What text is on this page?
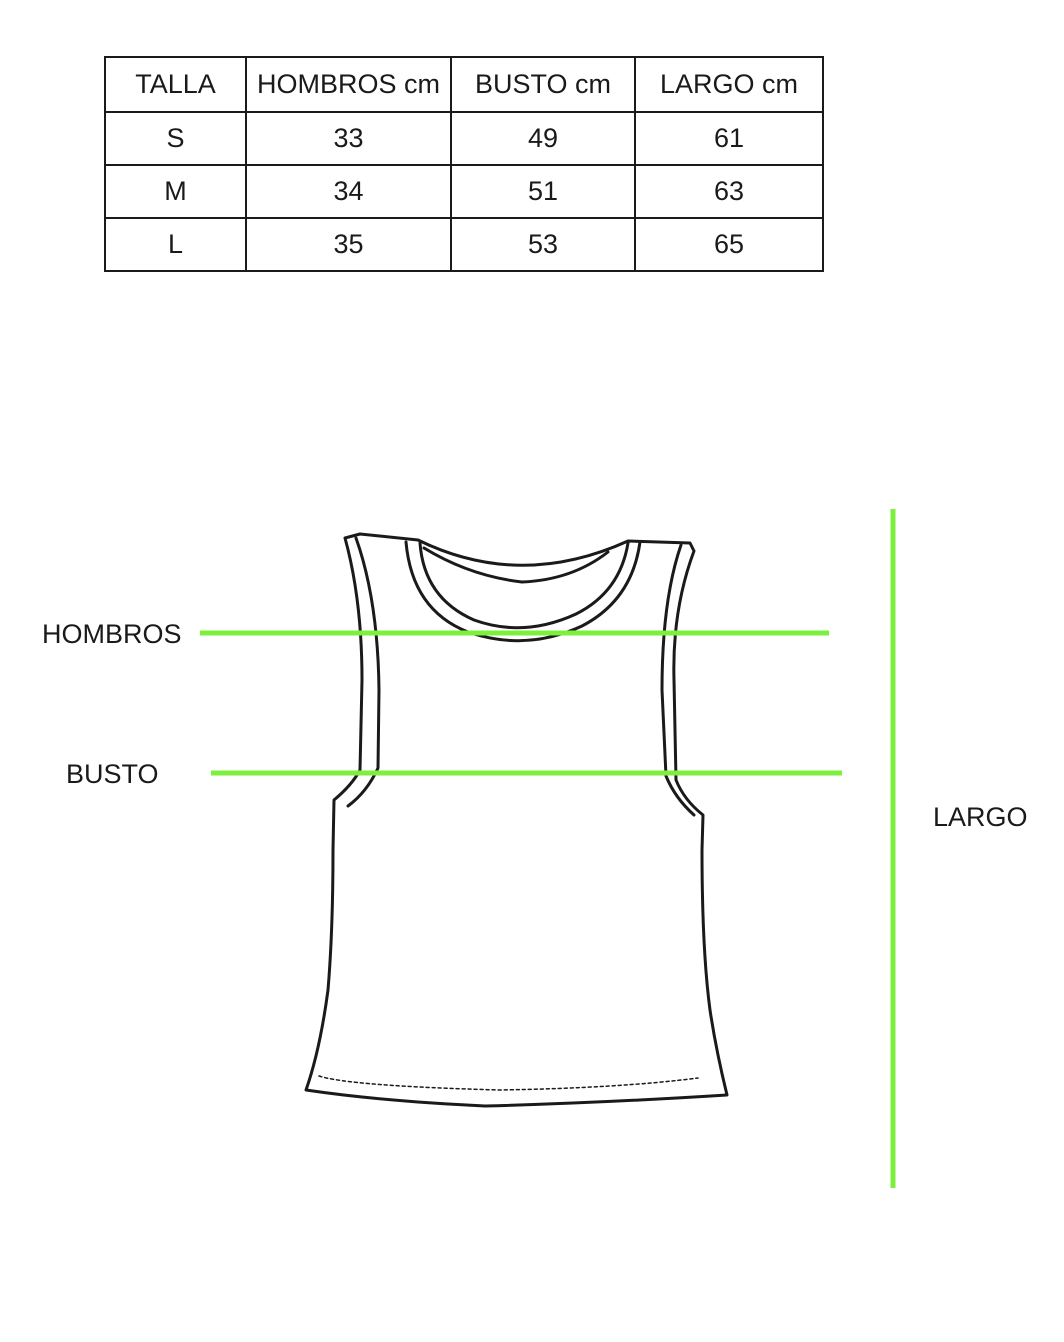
TALLA	HOMBROS cm	BUSTO cm	LARGO cm
S	33	49	61
M	34	51	63
L	35	53	65
HOMBROS
BUSTO
LARGO
